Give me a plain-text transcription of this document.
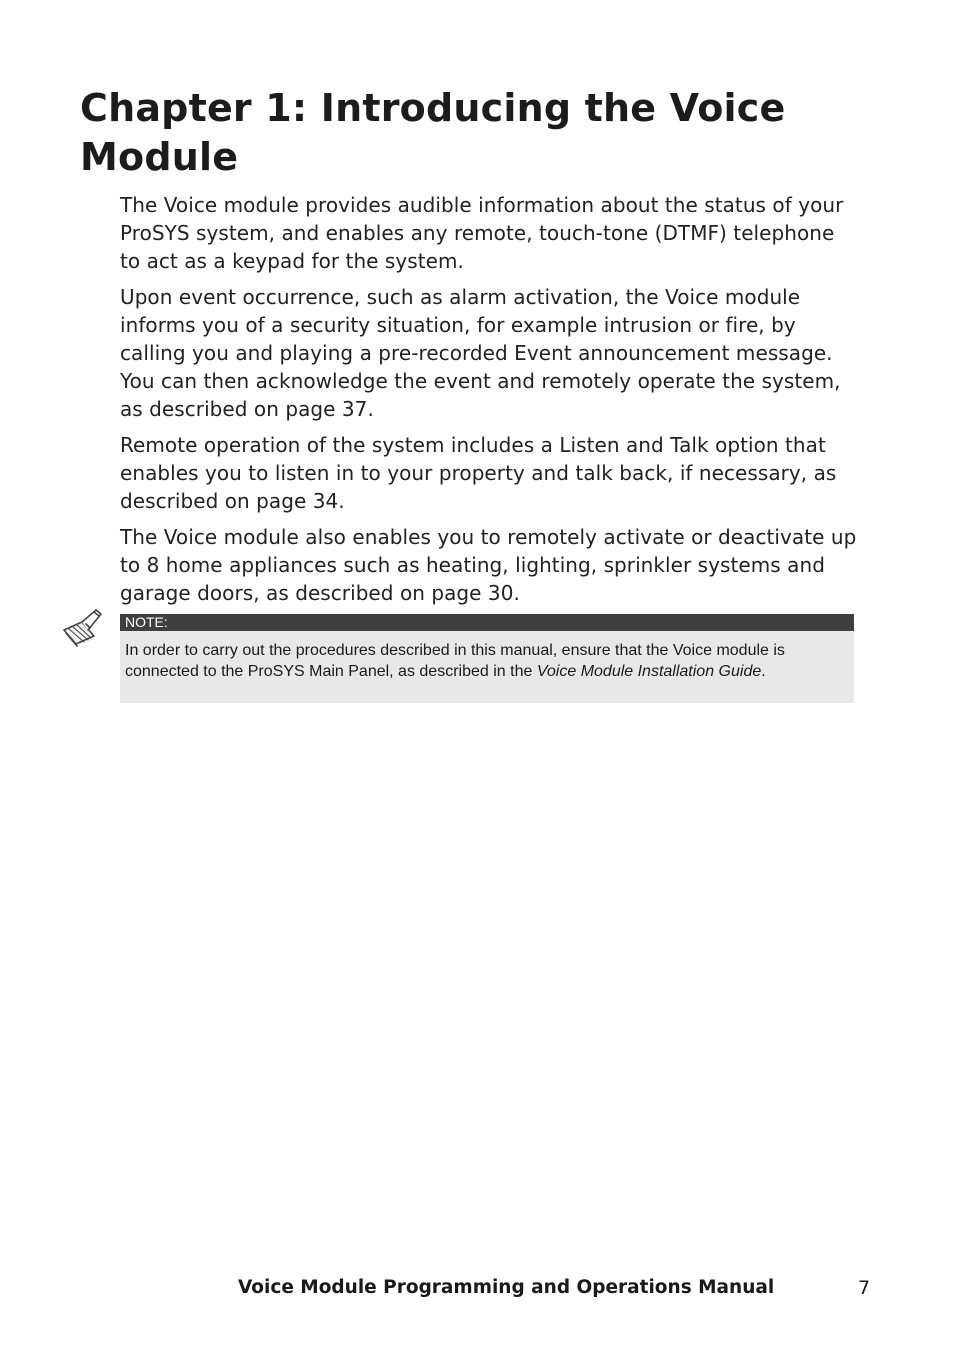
Chapter 1: Introducing the Voice
Module

The Voice module provides audible information about the status of your ProSYS system, and enables any remote, touch-tone (DTMF) telephone to act as a keypad for the system.

Upon event occurrence, such as alarm activation, the Voice module informs you of a security situation, for example intrusion or fire, by calling you and playing a pre-recorded Event announcement message. You can then acknowledge the event and remotely operate the system, as described on page 37.

Remote operation of the system includes a Listen and Talk option that enables you to listen in to your property and talk back, if necessary, as described on page 34.

The Voice module also enables you to remotely activate or deactivate up to 8 home appliances such as heating, lighting, sprinkler systems and garage doors, as described on page 30.

NOTE:
In order to carry out the procedures described in this manual, ensure that the Voice module is connected to the ProSYS Main Panel, as described in the Voice Module Installation Guide.
Voice Module Programming and Operations Manual	7
